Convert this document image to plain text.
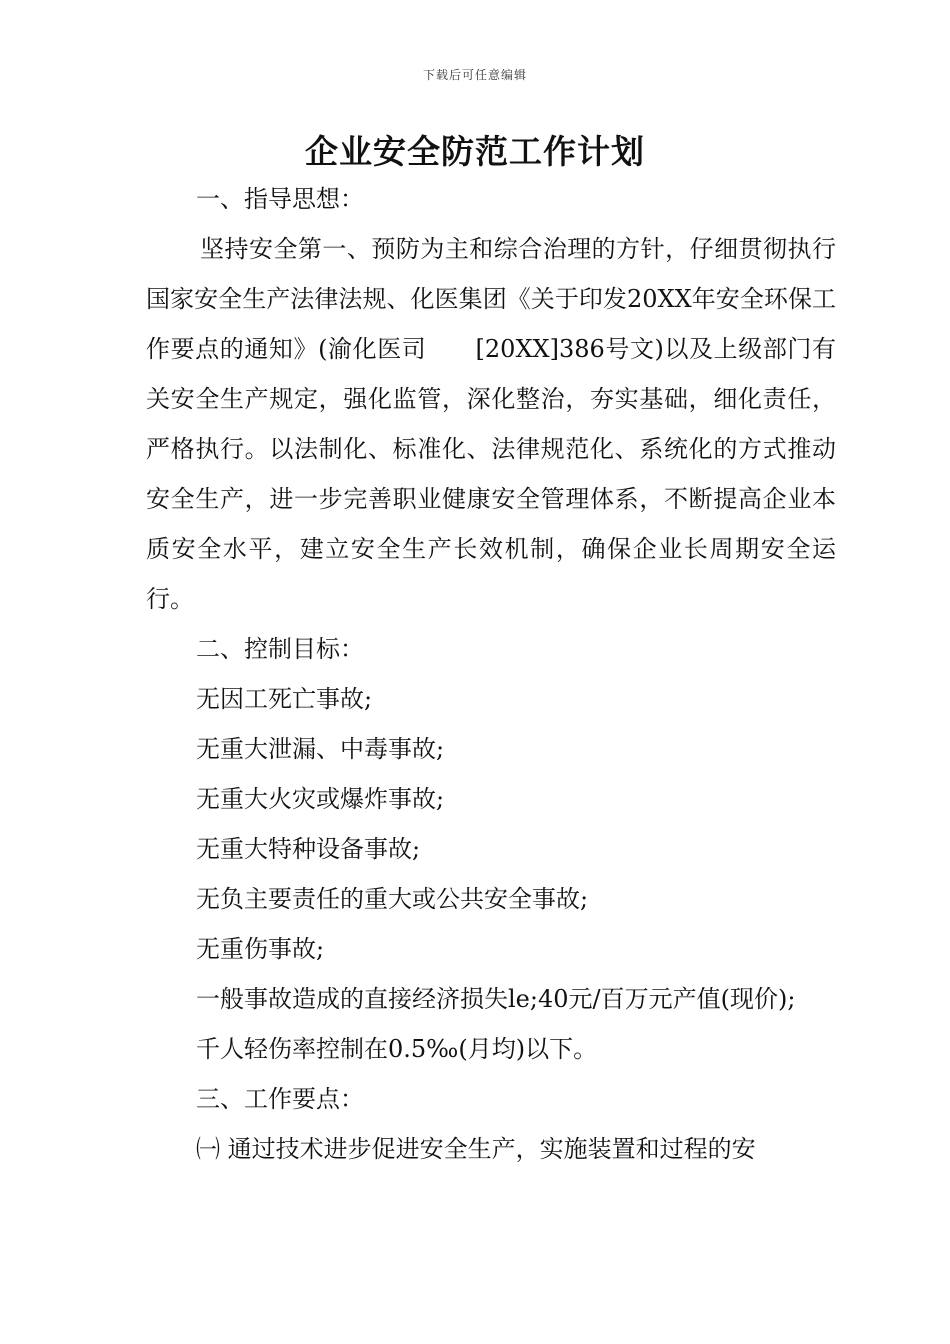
下载后可任意编辑
企业安全防范工作计划

一、指导思想：

坚持安全第一、预防为主和综合治理的方针，仔细贯彻执行国家安全生产法律法规、化医集团《关于印发20XX年安全环保工作要点的通知》(渝化医司　　[20XX]386号文)以及上级部门有关安全生产规定，强化监管，深化整治，夯实基础，细化责任，严格执行。以法制化、标准化、法律规范化、系统化的方式推动安全生产，进一步完善职业健康安全管理体系，不断提高企业本质安全水平，建立安全生产长效机制，确保企业长周期安全运行。

二、控制目标：

无因工死亡事故;

无重大泄漏、中毒事故;

无重大火灾或爆炸事故;

无重大特种设备事故;

无负主要责任的重大或公共安全事故;

无重伤事故;

一般事故造成的直接经济损失le;40元/百万元产值(现价);

千人轻伤率控制在0.5‰(月均)以下。

三、工作要点：

㈠ 通过技术进步促进安全生产，实施装置和过程的安
